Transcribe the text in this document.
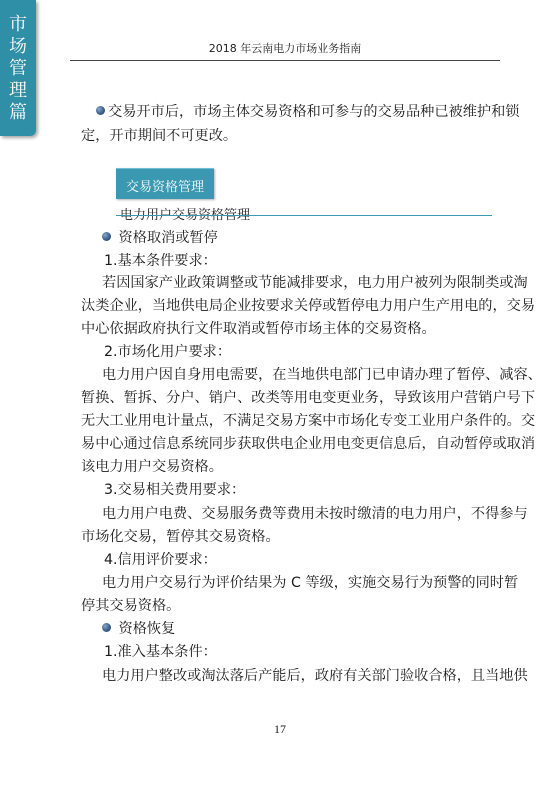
市
场
管
理
篇
2018 年云南电力市场业务指南
交易开市后，市场主体交易资格和可参与的交易品种已被维护和锁
定，开市期间不可更改。
交易资格管理
电力用户交易资格管理
资格取消或暂停
1.基本条件要求：
若因国家产业政策调整或节能减排要求，电力用户被列为限制类或淘
汰类企业，当地供电局企业按要求关停或暂停电力用户生产用电的，交易
中心依据政府执行文件取消或暂停市场主体的交易资格。
2.市场化用户要求：
电力用户因自身用电需要，在当地供电部门已申请办理了暂停、减容、
暂换、暂拆、分户、销户、改类等用电变更业务，导致该用户营销户号下
无大工业用电计量点，不满足交易方案中市场化专变工业用户条件的。交
易中心通过信息系统同步获取供电企业用电变更信息后，自动暂停或取消
该电力用户交易资格。
3.交易相关费用要求：
电力用户电费、交易服务费等费用未按时缴清的电力用户，不得参与
市场化交易，暂停其交易资格。
4.信用评价要求：
电力用户交易行为评价结果为 C 等级，实施交易行为预警的同时暂
停其交易资格。
资格恢复
1.准入基本条件：
电力用户整改或淘汰落后产能后，政府有关部门验收合格，且当地供
17
